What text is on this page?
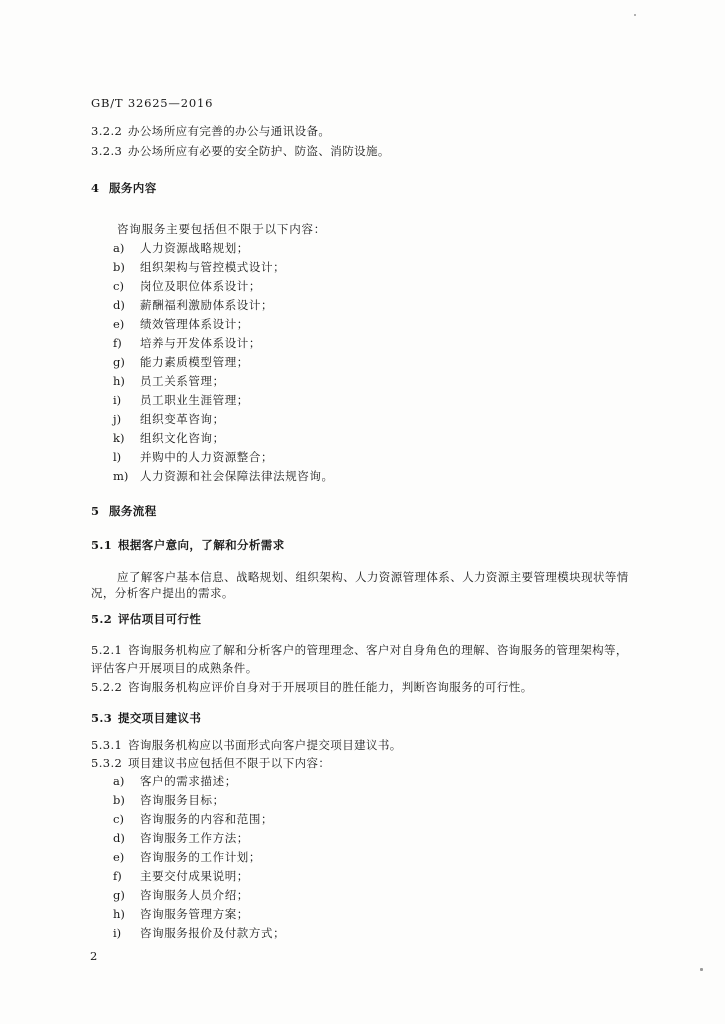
GB/T 32625—2016
3.2.2 办公场所应有完善的办公与通讯设备。
3.2.3 办公场所应有必要的安全防护、防盗、消防设施。
4 服务内容
咨询服务主要包括但不限于以下内容：
a) 人力资源战略规划；
b) 组织架构与管控模式设计；
c) 岗位及职位体系设计；
d) 薪酬福利激励体系设计；
e) 绩效管理体系设计；
f) 培养与开发体系设计；
g) 能力素质模型管理；
h) 员工关系管理；
i) 员工职业生涯管理；
j) 组织变革咨询；
k) 组织文化咨询；
l) 并购中的人力资源整合；
m) 人力资源和社会保障法律法规咨询。
5 服务流程
5.1 根据客户意向，了解和分析需求
应了解客户基本信息、战略规划、组织架构、人力资源管理体系、人力资源主要管理模块现状等情
况，分析客户提出的需求。
5.2 评估项目可行性
5.2.1 咨询服务机构应了解和分析客户的管理理念、客户对自身角色的理解、咨询服务的管理架构等，
评估客户开展项目的成熟条件。
5.2.2 咨询服务机构应评价自身对于开展项目的胜任能力，判断咨询服务的可行性。
5.3 提交项目建议书
5.3.1 咨询服务机构应以书面形式向客户提交项目建议书。
5.3.2 项目建议书应包括但不限于以下内容：
a) 客户的需求描述；
b) 咨询服务目标；
c) 咨询服务的内容和范围；
d) 咨询服务工作方法；
e) 咨询服务的工作计划；
f) 主要交付成果说明；
g) 咨询服务人员介绍；
h) 咨询服务管理方案；
i) 咨询服务报价及付款方式；
2
